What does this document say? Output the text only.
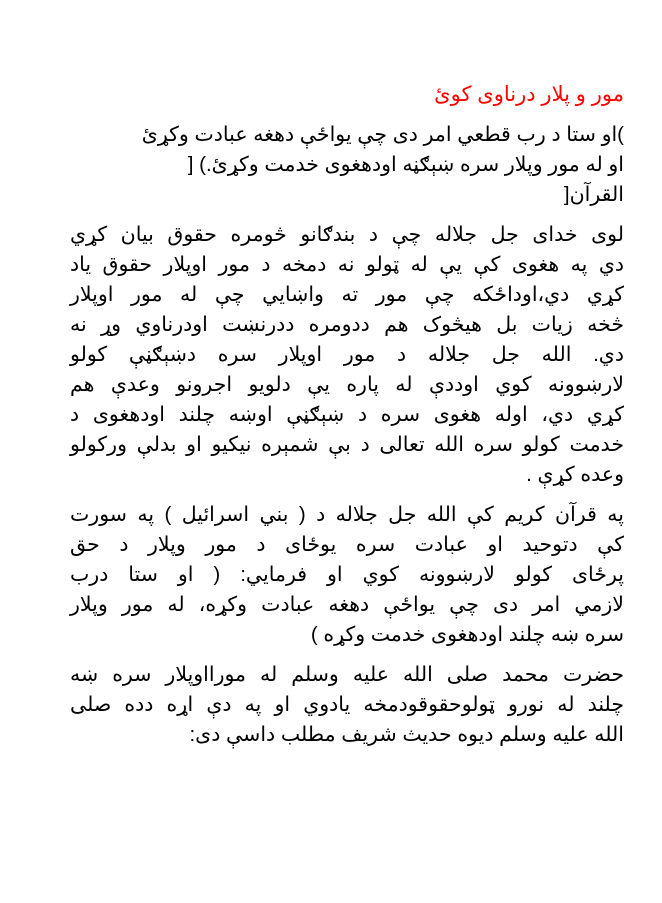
مور و پلار درناوی کوئ
)او ستا د رب قطعي امر دی چې یواځې دهغه عبادت وکړئ
او له مور وپلار سره ښېګڼه اودهغوی خدمت وکړئ.) [
القرآن[
لوی خدای جل جلاله چې د بندګانو څومره حقوق بیان کړي
دي په هغوی کې يې له ټولو نه دمخه د مور اوپلار حقوق یاد
کړي دي،اوداځکه چې مور ته واښایي چې له مور اوپلار
څخه زیات بل هیڅوک هم ددومره ددرنښت اودرناوي وړ نه
دي. الله جل جلاله د مور اوپلار سره دښېګڼې کولو
لارښوونه کوي اوددې له پاره یې دلويو اجرونو وعدې هم
کړي دي، اوله هغوی سره د ښېګڼې اوښه چلند اودهغوی د
خدمت کولو سره الله تعالی د بې شمېره نیکیو او بدلې ورکولو
وعده کړې .
په قرآن کریم کې الله جل جلاله د ( بني اسرائیل ) په سورت
کې دتوحید او عبادت سره یوځای د مور وپلار د حق
پرځای کولو لارښوونه کوي او فرمايي: ( او ستا درب
لازمي امر دی چې یواځې دهغه عبادت وکړه، له مور وپلار
سره ښه چلند اودهغوی خدمت وکړه )
حضرت محمد صلی الله علیه وسلم له مورااوپلار سره ښه
چلند له نورو ټولوحقوقودمخه یادوي او په دې اړه دده صلی
الله علیه وسلم دیوه حدیث شریف مطلب داسې دی:
